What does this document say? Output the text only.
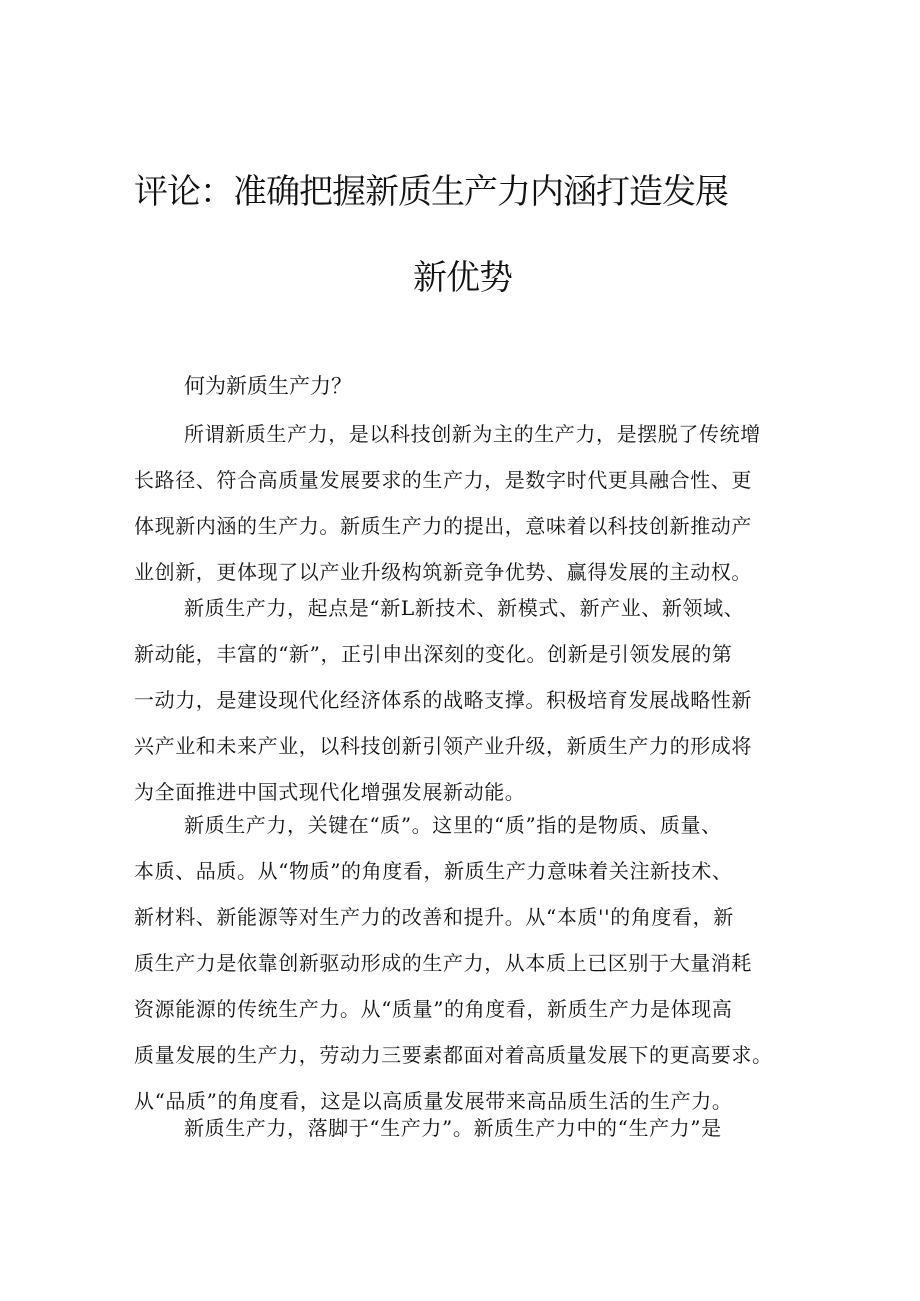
评论：准确把握新质生产力内涵打造发展
新优势
何为新质生产力？
所谓新质生产力，是以科技创新为主的生产力，是摆脱了传统增
长路径、符合高质量发展要求的生产力，是数字时代更具融合性、更
体现新内涵的生产力。新质生产力的提出，意味着以科技创新推动产
业创新，更体现了以产业升级构筑新竞争优势、赢得发展的主动权。
新质生产力，起点是“新L新技术、新模式、新产业、新领域、
新动能，丰富的“新”，正引申出深刻的变化。创新是引领发展的第
一动力，是建设现代化经济体系的战略支撑。积极培育发展战略性新
兴产业和未来产业，以科技创新引领产业升级，新质生产力的形成将
为全面推进中国式现代化增强发展新动能。
新质生产力，关键在“质”。这里的“质”指的是物质、质量、
本质、品质。从“物质”的角度看，新质生产力意味着关注新技术、
新材料、新能源等对生产力的改善和提升。从“本质''的角度看，新
质生产力是依靠创新驱动形成的生产力，从本质上已区别于大量消耗
资源能源的传统生产力。从“质量”的角度看，新质生产力是体现高
质量发展的生产力，劳动力三要素都面对着高质量发展下的更高要求。
从“品质”的角度看，这是以高质量发展带来高品质生活的生产力。
新质生产力，落脚于“生产力”。新质生产力中的“生产力”是
